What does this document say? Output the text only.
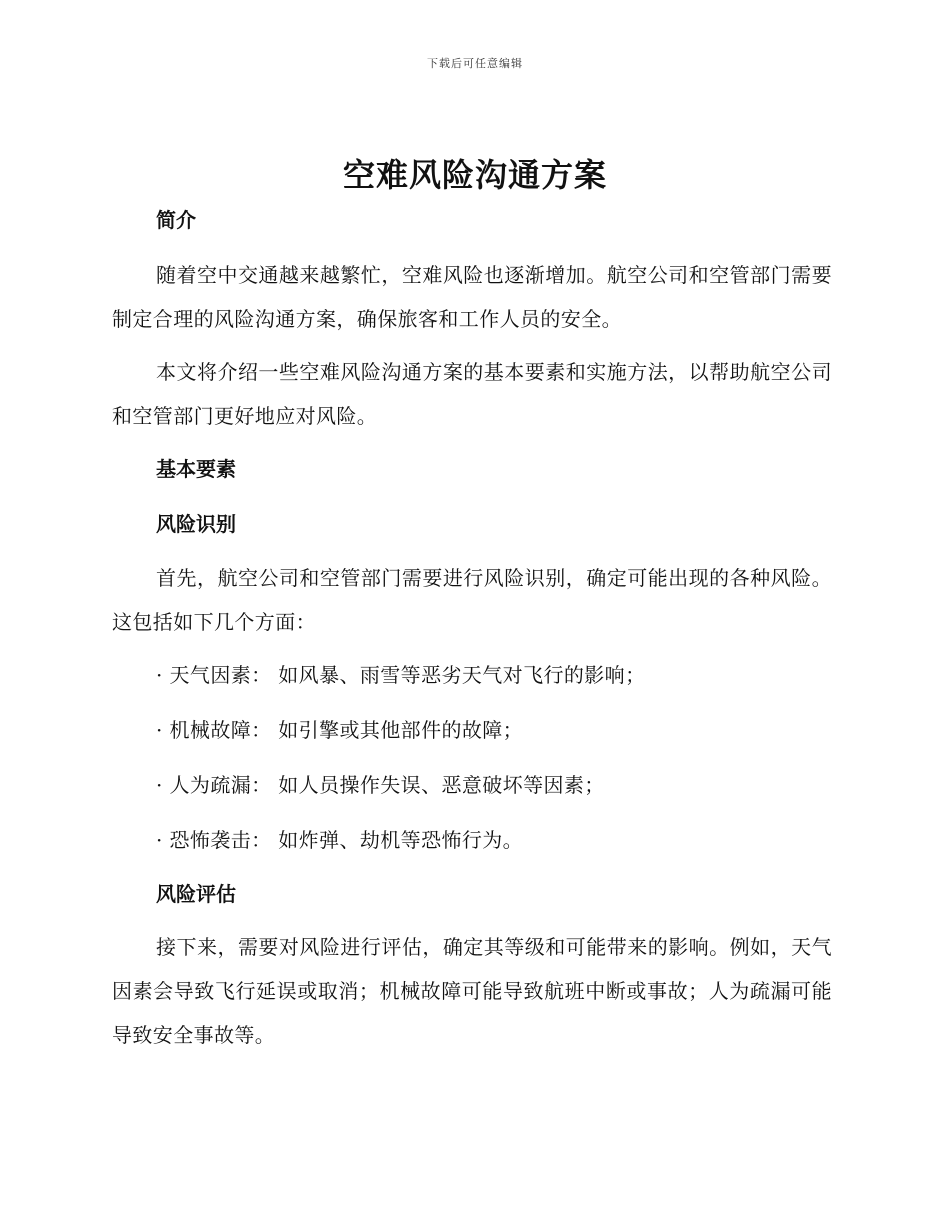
下载后可任意编辑
空难风险沟通方案
简介

随着空中交通越来越繁忙，空难风险也逐渐增加。航空公司和空管部门需要制定合理的风险沟通方案，确保旅客和工作人员的安全。

本文将介绍一些空难风险沟通方案的基本要素和实施方法，以帮助航空公司和空管部门更好地应对风险。

基本要素
风险识别

首先，航空公司和空管部门需要进行风险识别，确定可能出现的各种风险。这包括如下几个方面：

· 天气因素： 如风暴、雨雪等恶劣天气对飞行的影响；

· 机械故障： 如引擎或其他部件的故障；

· 人为疏漏： 如人员操作失误、恶意破坏等因素；

· 恐怖袭击： 如炸弹、劫机等恐怖行为。

风险评估

接下来，需要对风险进行评估，确定其等级和可能带来的影响。例如，天气因素会导致飞行延误或取消；机械故障可能导致航班中断或事故；人为疏漏可能导致安全事故等。
